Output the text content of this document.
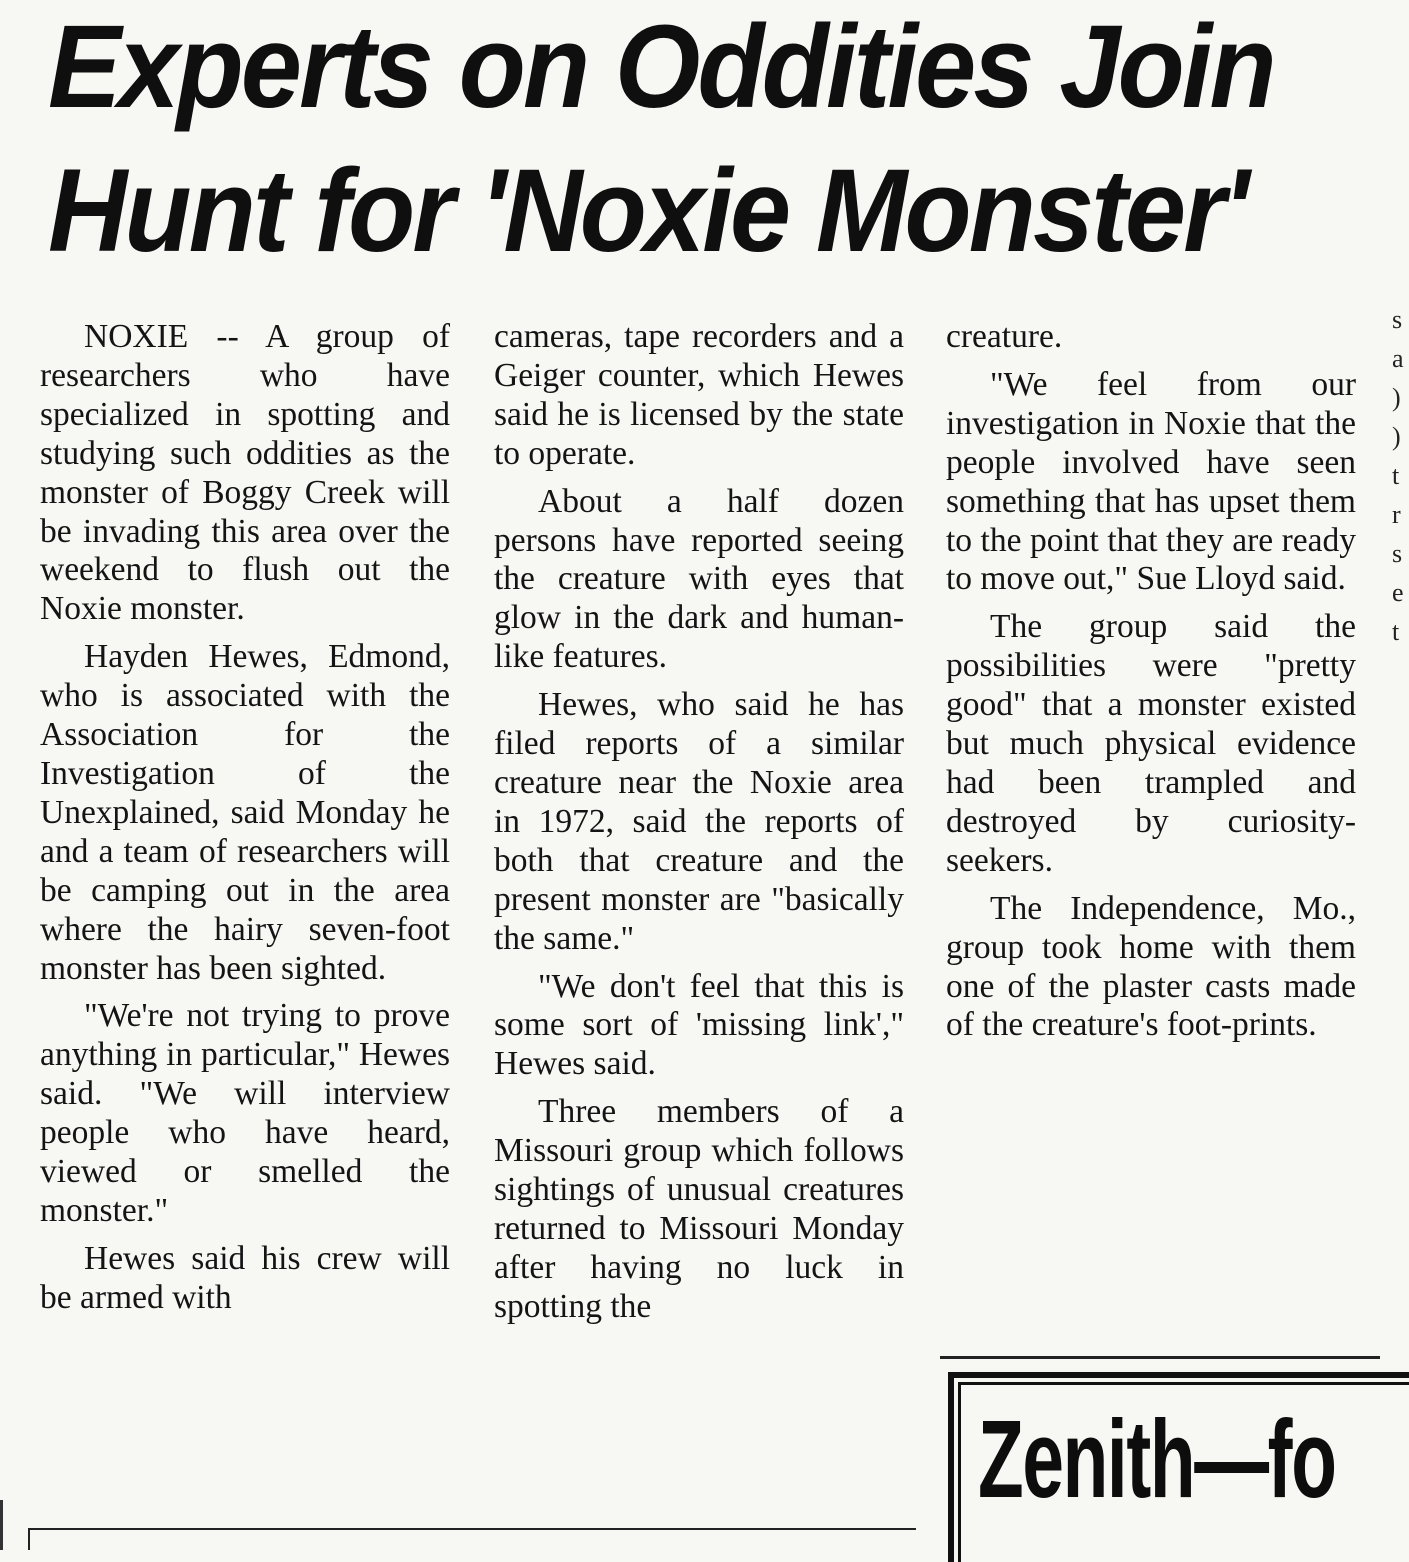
Experts on Oddities Join
Hunt for 'Noxie Monster'

NOXIE -- A group of researchers who have specialized in spotting and studying such oddities as the monster of Boggy Creek will be invading this area over the weekend to flush out the Noxie monster.

Hayden Hewes, Edmond, who is associated with the Association for the Investigation of the Unexplained, said Monday he and a team of researchers will be camping out in the area where the hairy seven-foot monster has been sighted.

"We're not trying to prove anything in particular," Hewes said. "We will interview people who have heard, viewed or smelled the monster."

Hewes said his crew will be armed with

cameras, tape recorders and a Geiger counter, which Hewes said he is licensed by the state to operate.

About a half dozen persons have reported seeing the creature with eyes that glow in the dark and human-like features.

Hewes, who said he has filed reports of a similar creature near the Noxie area in 1972, said the reports of both that creature and the present monster are "basically the same."

"We don't feel that this is some sort of 'missing link'," Hewes said.

Three members of a Missouri group which follows sightings of unusual creatures returned to Missouri Monday after having no luck in spotting the

creature.

"We feel from our investigation in Noxie that the people involved have seen something that has upset them to the point that they are ready to move out," Sue Lloyd said.

The group said the possibilities were "pretty good" that a monster existed but much physical evidence had been trampled and destroyed by curiosity-seekers.

The Independence, Mo., group took home with them one of the plaster casts made of the creature's foot-prints.

s a ) ) t r s e t
Zenith—fo
